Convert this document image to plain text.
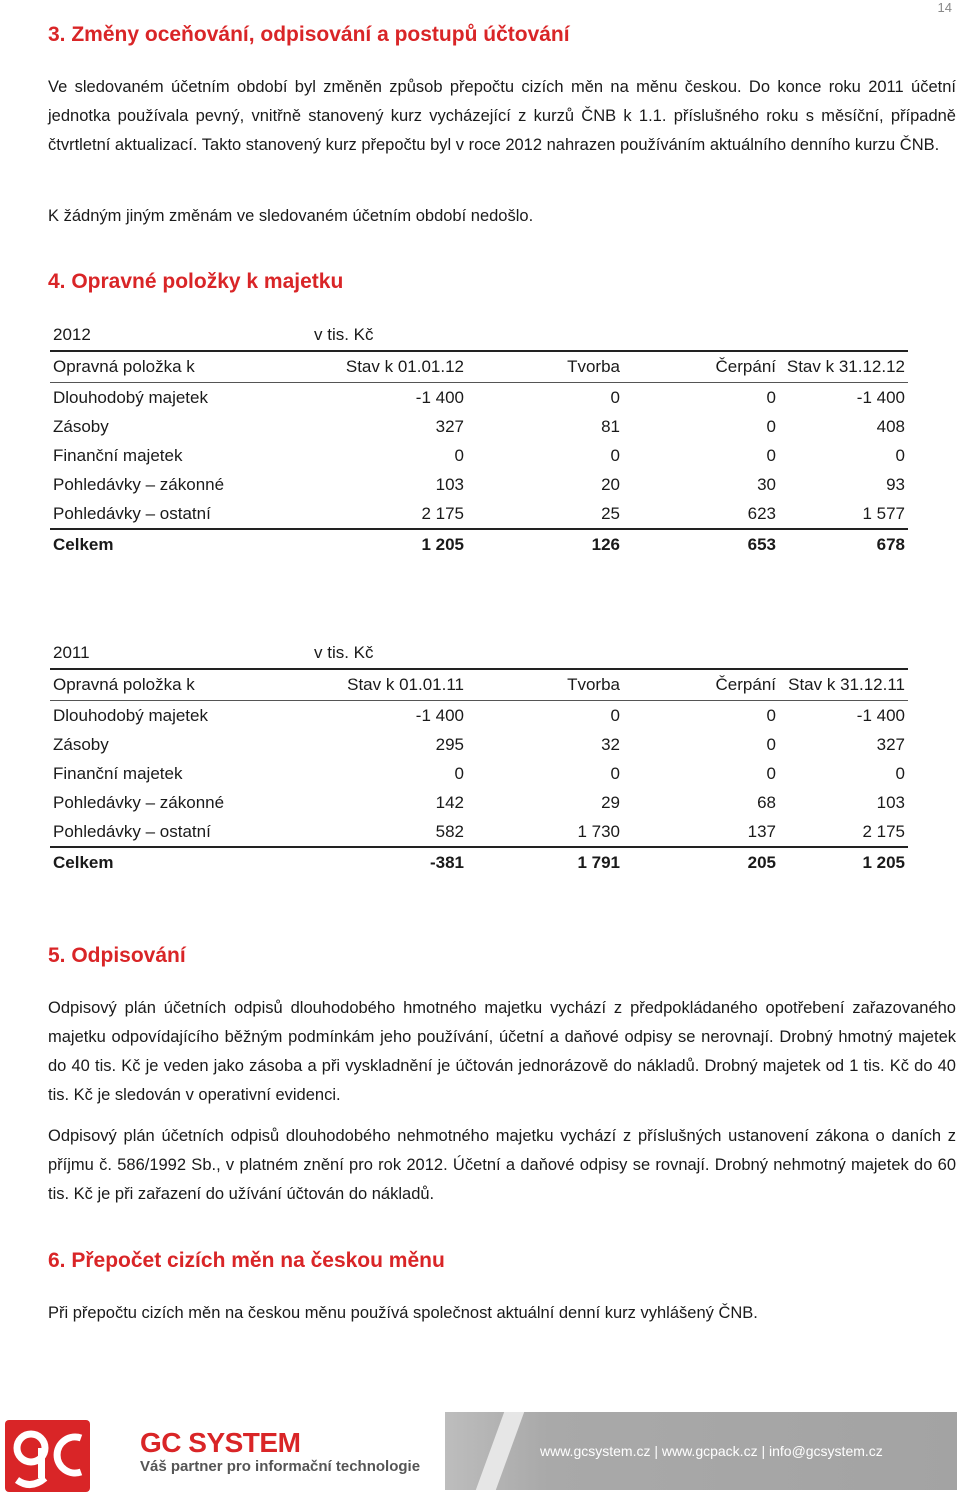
14
3. Změny oceňování, odpisování a postupů účtování

Ve sledovaném účetním období byl změněn způsob přepočtu cizích měn na měnu českou. Do konce roku 2011 účetní jednotka používala pevný, vnitřně stanovený kurz vycházející z kurzů ČNB k 1.1. příslušného roku s měsíční, případně čtvrtletní aktualizací. Takto stanovený kurz přepočtu byl v roce 2012 nahrazen používáním aktuálního denního kurzu ČNB.

K žádným jiným změnám ve sledovaném účetním období nedošlo.

4. Opravné položky k majetku
2012	v tis. Kč			
Opravná položka k	Stav k 01.01.12	Tvorba	Čerpání	Stav k 31.12.12
Dlouhodobý majetek	-1 400	0	0	-1 400
Zásoby	327	81	0	408
Finanční majetek	0	0	0	0
Pohledávky – zákonné	103	20	30	93
Pohledávky – ostatní	2 175	25	623	1 577
Celkem	1 205	126	653	678
2011	v tis. Kč			
Opravná položka k	Stav k 01.01.11	Tvorba	Čerpání	Stav k 31.12.11
Dlouhodobý majetek	-1 400	0	0	-1 400
Zásoby	295	32	0	327
Finanční majetek	0	0	0	0
Pohledávky – zákonné	142	29	68	103
Pohledávky – ostatní	582	1 730	137	2 175
Celkem	-381	1 791	205	1 205
5. Odpisování

Odpisový plán účetních odpisů dlouhodobého hmotného majetku vychází z předpokládaného opotřebení zařazovaného majetku odpovídajícího běžným podmínkám jeho používání, účetní a daňové odpisy se nerovnají. Drobný hmotný majetek do 40 tis. Kč je veden jako zásoba a při vyskladnění je účtován jednorázově do nákladů. Drobný majetek od 1 tis. Kč do 40 tis. Kč je sledován v operativní evidenci.

Odpisový plán účetních odpisů dlouhodobého nehmotného majetku vychází z příslušných ustanovení zákona o daních z příjmu č. 586/1992 Sb., v platném znění pro rok 2012. Účetní a daňové odpisy se rovnají. Drobný nehmotný majetek do 60 tis. Kč je při zařazení do užívání účtován do nákladů.

6. Přepočet cizích měn na českou měnu

Při přepočtu cizích měn na českou měnu používá společnost aktuální denní kurz vyhlášený ČNB.

GC SYSTEM
Váš partner pro informační technologie
www.gcsystem.cz | www.gcpack.cz | info@gcsystem.cz
